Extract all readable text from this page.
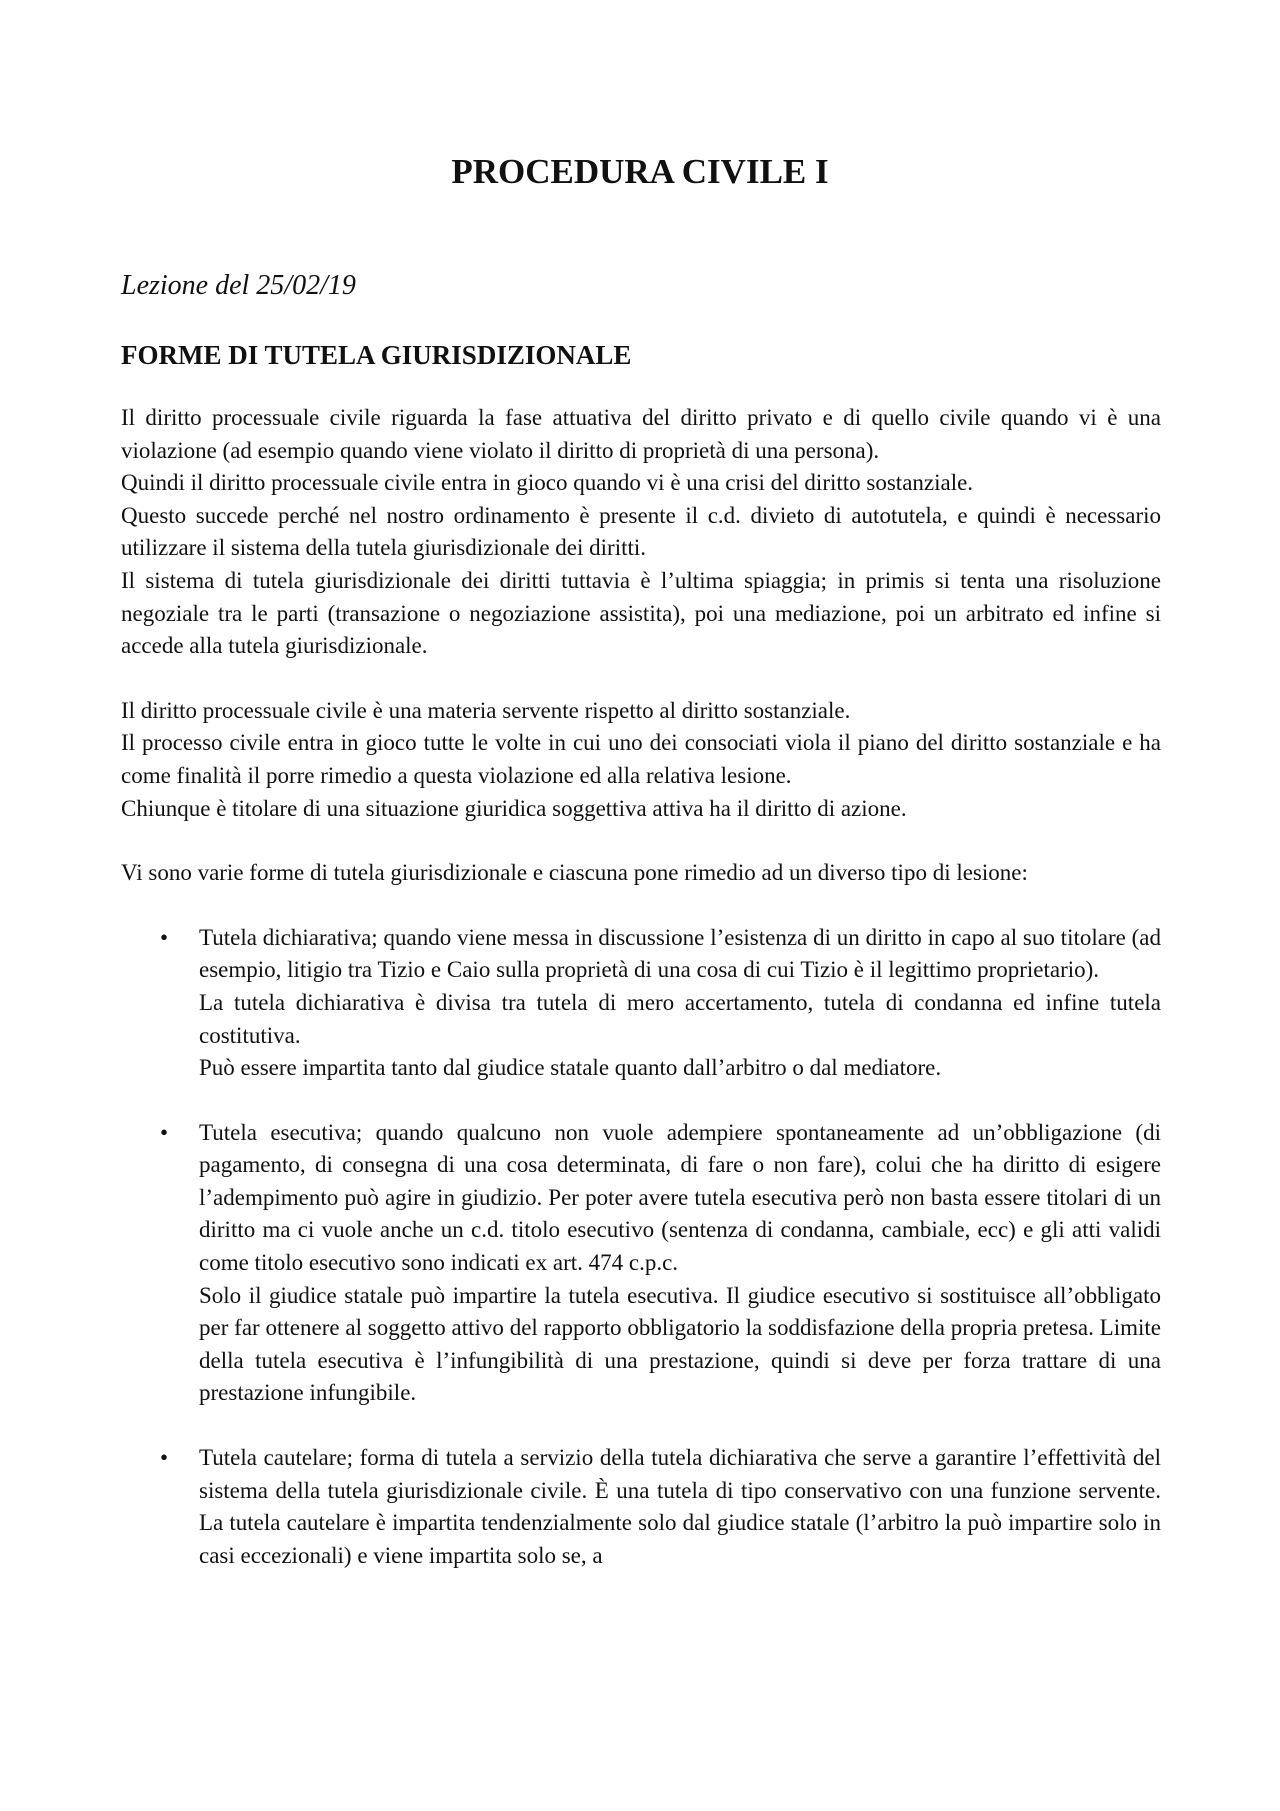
PROCEDURA CIVILE I
Lezione del 25/02/19
FORME DI TUTELA GIURISDIZIONALE

Il diritto processuale civile riguarda la fase attuativa del diritto privato e di quello civile quando vi è una violazione (ad esempio quando viene violato il diritto di proprietà di una persona).

Quindi il diritto processuale civile entra in gioco quando vi è una crisi del diritto sostanziale.

Questo succede perché nel nostro ordinamento è presente il c.d. divieto di autotutela, e quindi è necessario utilizzare il sistema della tutela giurisdizionale dei diritti.

Il sistema di tutela giurisdizionale dei diritti tuttavia è l’ultima spiaggia; in primis si tenta una risoluzione negoziale tra le parti (transazione o negoziazione assistita), poi una mediazione, poi un arbitrato ed infine si accede alla tutela giurisdizionale.

Il diritto processuale civile è una materia servente rispetto al diritto sostanziale.

Il processo civile entra in gioco tutte le volte in cui uno dei consociati viola il piano del diritto sostanziale e ha come finalità il porre rimedio a questa violazione ed alla relativa lesione.

Chiunque è titolare di una situazione giuridica soggettiva attiva ha il diritto di azione.

Vi sono varie forme di tutela giurisdizionale e ciascuna pone rimedio ad un diverso tipo di lesione:

• Tutela dichiarativa; quando viene messa in discussione l’esistenza di un diritto in capo al suo titolare (ad esempio, litigio tra Tizio e Caio sulla proprietà di una cosa di cui Tizio è il legittimo proprietario).

La tutela dichiarativa è divisa tra tutela di mero accertamento, tutela di condanna ed infine tutela costitutiva.

Può essere impartita tanto dal giudice statale quanto dall’arbitro o dal mediatore.

• Tutela esecutiva; quando qualcuno non vuole adempiere spontaneamente ad un’obbligazione (di pagamento, di consegna di una cosa determinata, di fare o non fare), colui che ha diritto di esigere l’adempimento può agire in giudizio. Per poter avere tutela esecutiva però non basta essere titolari di un diritto ma ci vuole anche un c.d. titolo esecutivo (sentenza di condanna, cambiale, ecc) e gli atti validi come titolo esecutivo sono indicati ex art. 474 c.p.c.

Solo il giudice statale può impartire la tutela esecutiva. Il giudice esecutivo si sostituisce all’obbligato per far ottenere al soggetto attivo del rapporto obbligatorio la soddisfazione della propria pretesa. Limite della tutela esecutiva è l’infungibilità di una prestazione, quindi si deve per forza trattare di una prestazione infungibile.

• Tutela cautelare; forma di tutela a servizio della tutela dichiarativa che serve a garantire l’effettività del sistema della tutela giurisdizionale civile. È una tutela di tipo conservativo con una funzione servente. La tutela cautelare è impartita tendenzialmente solo dal giudice statale (l’arbitro la può impartire solo in casi eccezionali) e viene impartita solo se, a
